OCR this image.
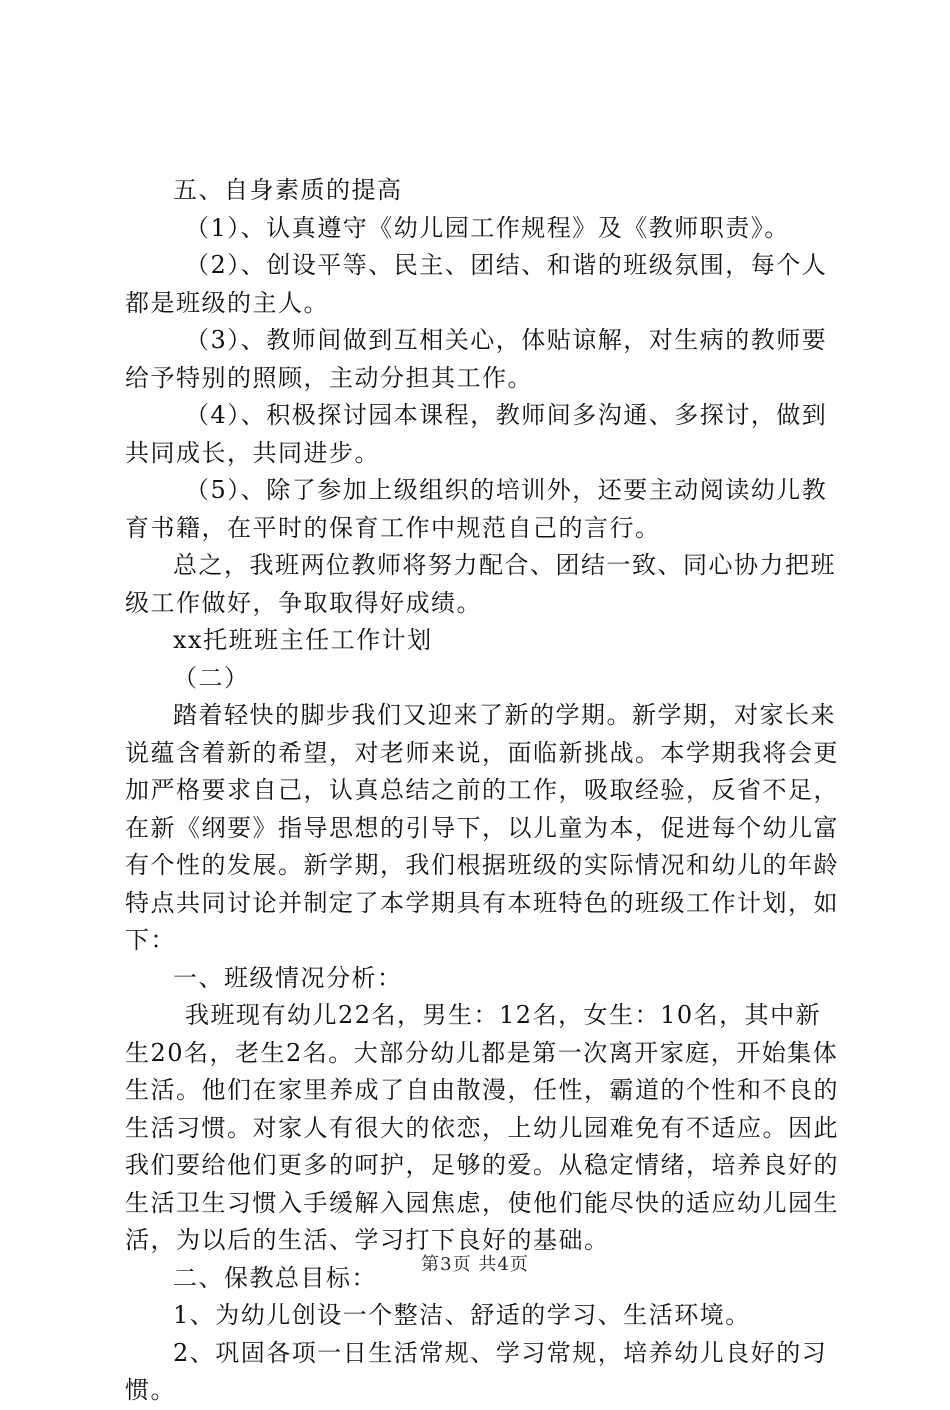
五、自身素质的提高

（1）、认真遵守《幼儿园工作规程》及《教师职责》。

（2）、创设平等、民主、团结、和谐的班级氛围，每个人都是班级的主人。

（3）、教师间做到互相关心，体贴谅解，对生病的教师要给予特别的照顾，主动分担其工作。

（4）、积极探讨园本课程，教师间多沟通、多探讨，做到共同成长，共同进步。

（5）、除了参加上级组织的培训外，还要主动阅读幼儿教育书籍，在平时的保育工作中规范自己的言行。

总之，我班两位教师将努力配合、团结一致、同心协力把班级工作做好，争取取得好成绩。

xx托班班主任工作计划

（二）

踏着轻快的脚步我们又迎来了新的学期。新学期，对家长来说蕴含着新的希望，对老师来说，面临新挑战。本学期我将会更加严格要求自己，认真总结之前的工作，吸取经验，反省不足，在新《纲要》指导思想的引导下，以儿童为本，促进每个幼儿富有个性的发展。新学期，我们根据班级的实际情况和幼儿的年龄特点共同讨论并制定了本学期具有本班特色的班级工作计划，如下：

一、班级情况分析：

我班现有幼儿22名，男生：12名，女生：10名，其中新生20名，老生2名。大部分幼儿都是第一次离开家庭，开始集体生活。他们在家里养成了自由散漫，任性，霸道的个性和不良的生活习惯。对家人有很大的依恋，上幼儿园难免有不适应。因此我们要给他们更多的呵护，足够的爱。从稳定情绪，培养良好的生活卫生习惯入手缓解入园焦虑，使他们能尽快的适应幼儿园生活，为以后的生活、学习打下良好的基础。

二、保教总目标：

1、为幼儿创设一个整洁、舒适的学习、生活环境。

2、巩固各项一日生活常规、学习常规，培养幼儿良好的习惯。

第3页 共4页
